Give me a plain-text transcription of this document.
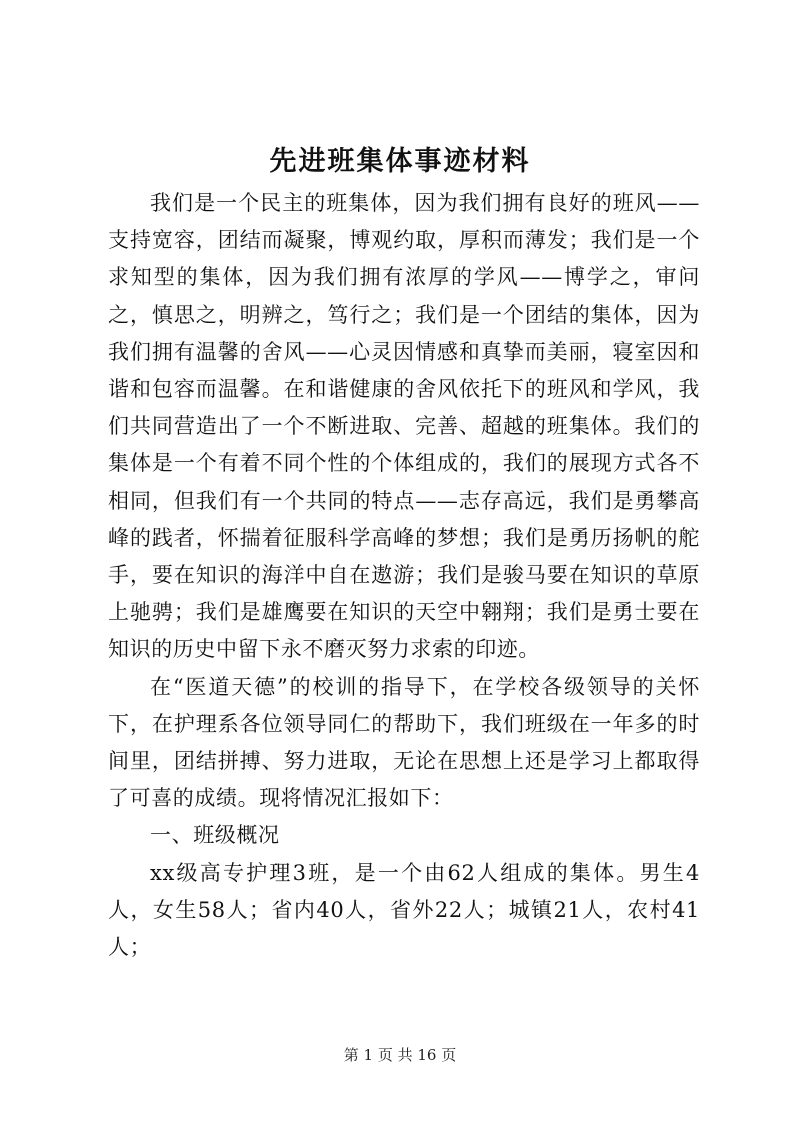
先进班集体事迹材料

我们是一个民主的班集体，因为我们拥有良好的班风——支持宽容，团结而凝聚，博观约取，厚积而薄发；我们是一个求知型的集体，因为我们拥有浓厚的学风——博学之，审问之，慎思之，明辨之，笃行之；我们是一个团结的集体，因为我们拥有温馨的舍风——心灵因情感和真挚而美丽，寝室因和谐和包容而温馨。在和谐健康的舍风依托下的班风和学风，我们共同营造出了一个不断进取、完善、超越的班集体。我们的集体是一个有着不同个性的个体组成的，我们的展现方式各不相同，但我们有一个共同的特点——志存高远，我们是勇攀高峰的践者，怀揣着征服科学高峰的梦想；我们是勇历扬帆的舵手，要在知识的海洋中自在遨游；我们是骏马要在知识的草原上驰骋；我们是雄鹰要在知识的天空中翱翔；我们是勇士要在知识的历史中留下永不磨灭努力求索的印迹。

在“医道天德”的校训的指导下，在学校各级领导的关怀下，在护理系各位领导同仁的帮助下，我们班级在一年多的时间里，团结拼搏、努力进取，无论在思想上还是学习上都取得了可喜的成绩。现将情况汇报如下：

一、班级概况

xx级高专护理3班，是一个由62人组成的集体。男生4人，女生58人；省内40人，省外22人；城镇21人，农村41人；

第 1 页 共 16 页
